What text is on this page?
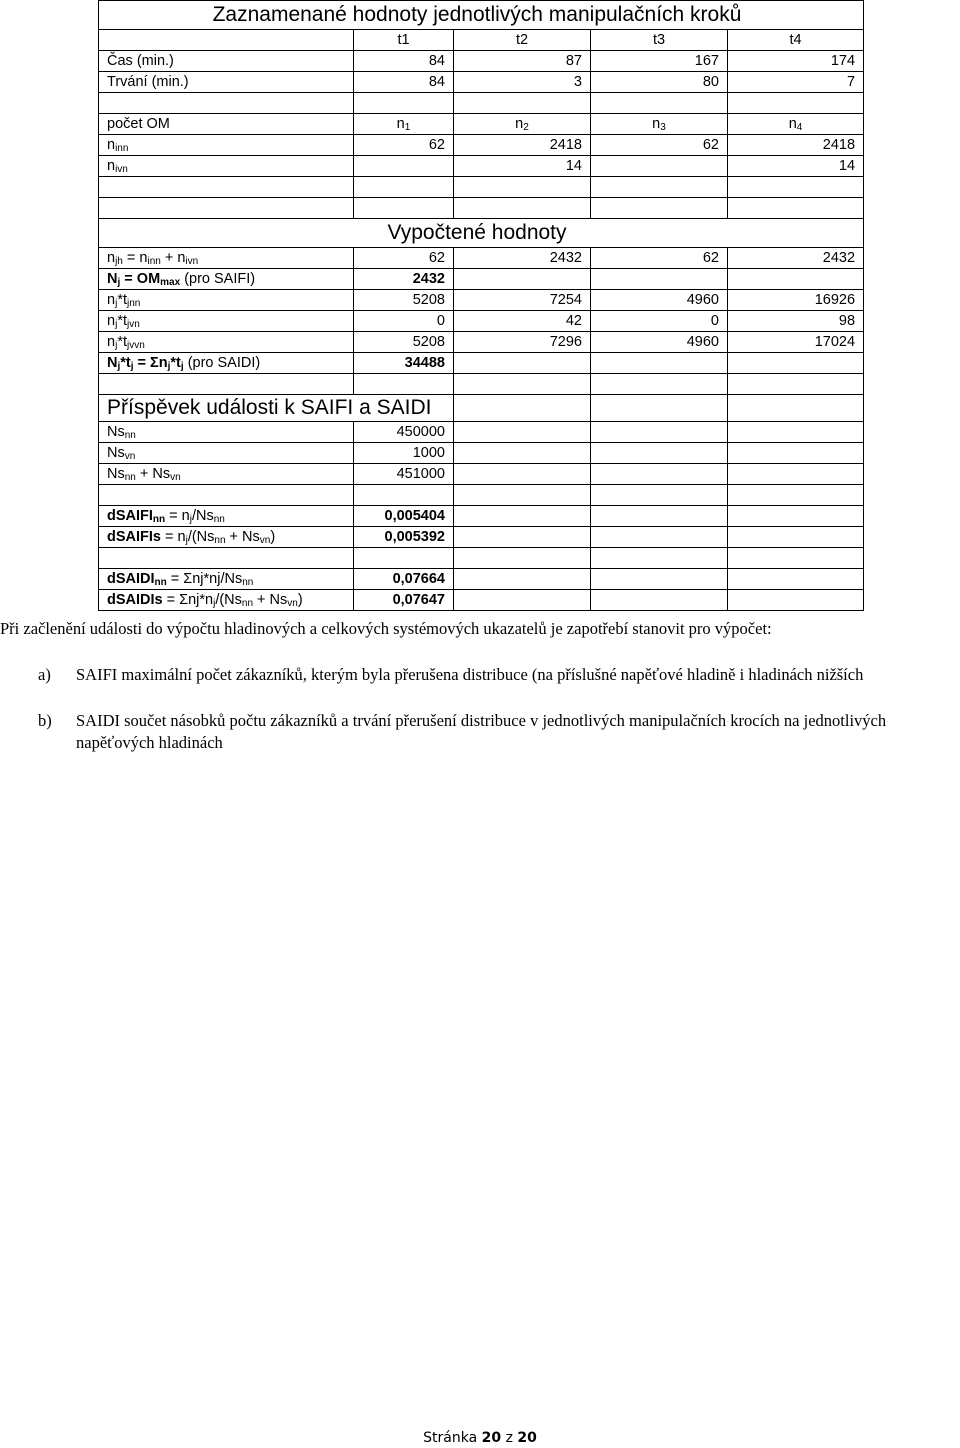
Zaznamenané hodnoty jednotlivých manipulačních kroků				
	t1	t2	t3	t4
Čas (min.)	84	87	167	174
Trvání (min.)	84	3	80	7

počet OM	$n_1$	$n_2$	$n_3$	$n_4$
$n_{inn}$	62	2418	62	2418
$n_{ivn}$		14		14

Vypočtené hodnoty				
$n_{jh} = n_{inn} + n_{ivn}$	62	2432	62	2432
$N_j = OM_{max}$ (pro SAIFI)	2432			
$n_j*t_{jnn}$	5208	7254	4960	16926
$n_j*t_{jvn}$	0	42	0	98
$n_j*t_{jvvn}$	5208	7296	4960	17024
$N_j*t_j = \Sigma n_j*t_j$ (pro SAIDI)	34488			

Příspěvek události k SAIFI a SAIDI				
$Ns_{nn}$	450000			
$Ns_{vn}$	1000			
$Ns_{nn} + Ns_{vn}$	451000			

dSAIFI$_{nn}$ = $n_j/Ns_{nn}$	0,005404			
dSAIFIs = $n_j/(Ns_{nn} + Ns_{vn})$	0,005392			

dSAIDI$_{nn}$ = $\Sigma nj*nj/Ns_{nn}$	0,07664			
dSAIDIs = $\Sigma nj*n_j/(Ns_{nn} + Ns_{vn})$	0,07647			
Při začlenění události do výpočtu hladinových a celkových systémových ukazatelů je zapotřebí stanovit pro výpočet:
a) SAIFI maximální počet zákazníků, kterým byla přerušena distribuce (na příslušné napěťové hladině i hladinách nižších
b) SAIDI součet násobků počtu zákazníků a trvání přerušení distribuce v jednotlivých manipulačních krocích na jednotlivých napěťových hladinách
Stránka 20 z 20
